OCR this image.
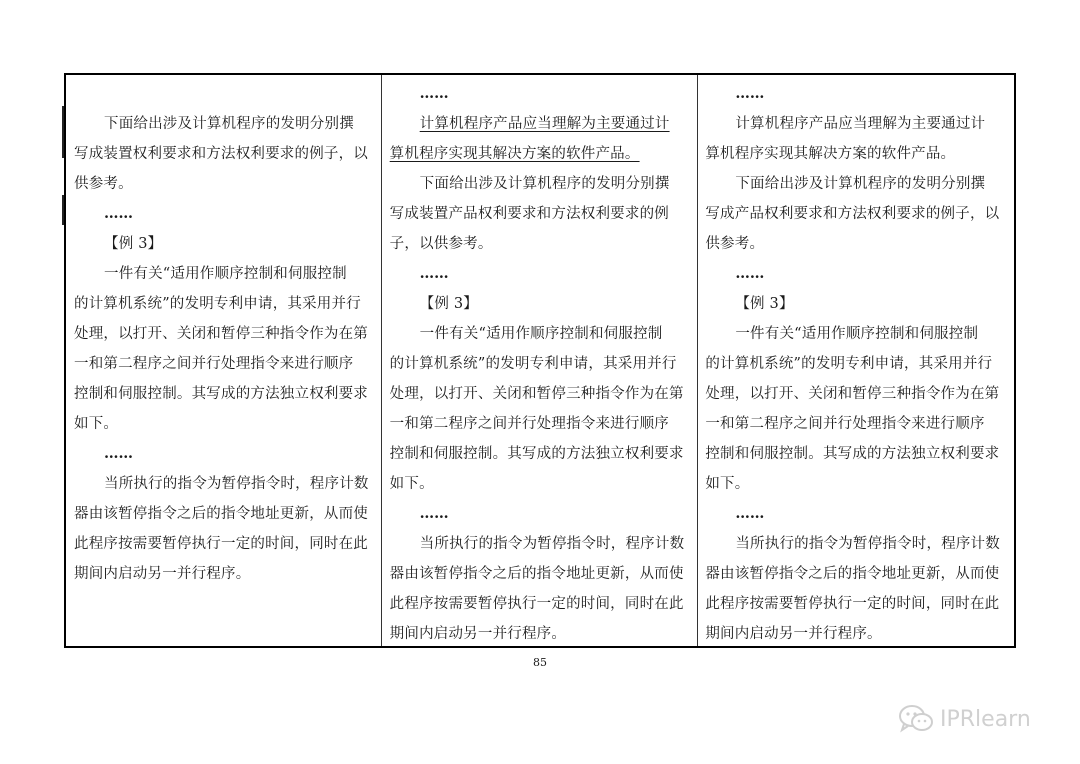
下面给出涉及计算机程序的发明分别撰
写成装置权利要求和方法权利要求的例子，以
供参考。
……
【例 3】
一件有关“适用作顺序控制和伺服控制
的计算机系统”的发明专利申请，其采用并行
处理，以打开、关闭和暂停三种指令作为在第
一和第二程序之间并行处理指令来进行顺序
控制和伺服控制。其写成的方法独立权利要求
如下。
……
当所执行的指令为暂停指令时，程序计数
器由该暂停指令之后的指令地址更新，从而使
此程序按需要暂停执行一定的时间，同时在此
期间内启动另一并行程序。
……
计算机程序产品应当理解为主要通过计
算机程序实现其解决方案的软件产品。
下面给出涉及计算机程序的发明分别撰
写成装置产品权利要求和方法权利要求的例
子，以供参考。
……
【例 3】
一件有关“适用作顺序控制和伺服控制
的计算机系统”的发明专利申请，其采用并行
处理，以打开、关闭和暂停三种指令作为在第
一和第二程序之间并行处理指令来进行顺序
控制和伺服控制。其写成的方法独立权利要求
如下。
……
当所执行的指令为暂停指令时，程序计数
器由该暂停指令之后的指令地址更新，从而使
此程序按需要暂停执行一定的时间，同时在此
期间内启动另一并行程序。
……
计算机程序产品应当理解为主要通过计
算机程序实现其解决方案的软件产品。
下面给出涉及计算机程序的发明分别撰
写成产品权利要求和方法权利要求的例子，以
供参考。
……
【例 3】
一件有关“适用作顺序控制和伺服控制
的计算机系统”的发明专利申请，其采用并行
处理，以打开、关闭和暂停三种指令作为在第
一和第二程序之间并行处理指令来进行顺序
控制和伺服控制。其写成的方法独立权利要求
如下。
……
当所执行的指令为暂停指令时，程序计数
器由该暂停指令之后的指令地址更新，从而使
此程序按需要暂停执行一定的时间，同时在此
期间内启动另一并行程序。
85
IPRlearn
